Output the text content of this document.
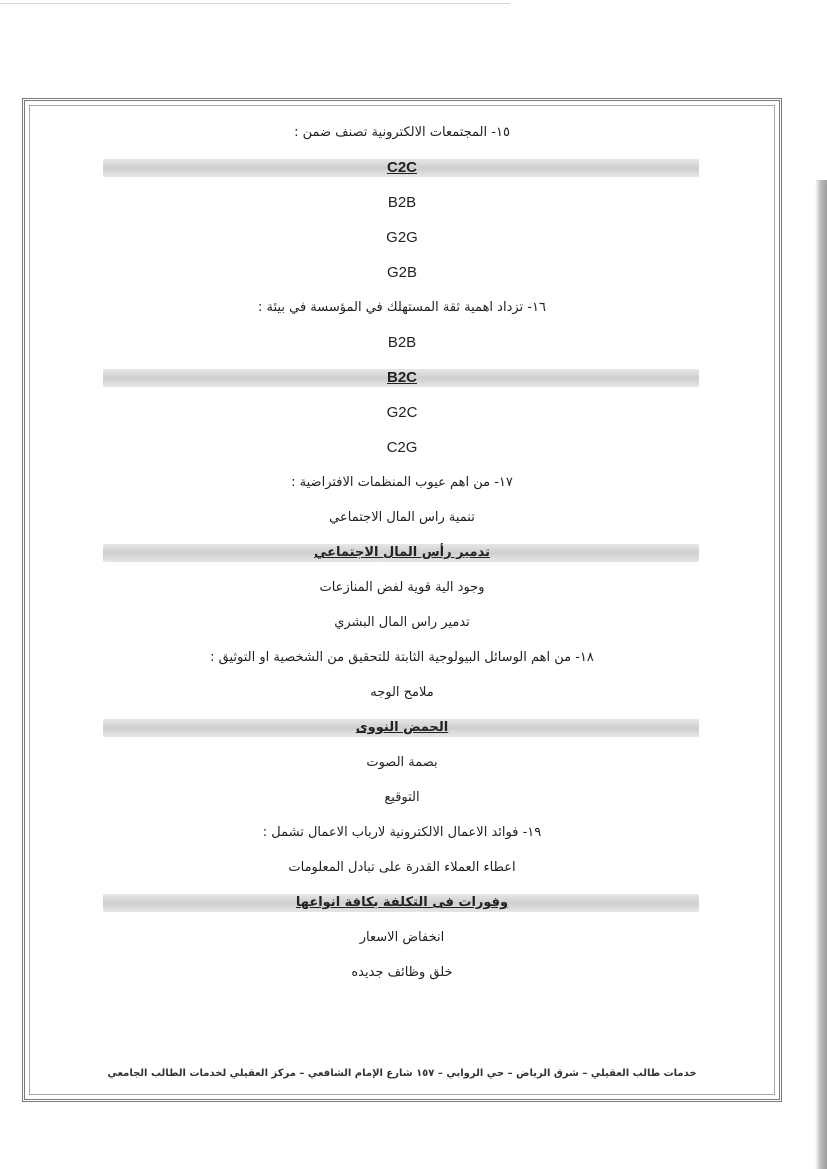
١٥- المجتمعات الالكترونية تصنف ضمن :
C2C
B2B
G2G
G2B
١٦- تزداد اهمية ثقة المستهلك في المؤسسة في بيئة :
B2B
B2C
G2C
C2G
١٧- من اهم عيوب المنظمات الافتراضية :
تنمية راس المال الاجتماعي
تدمير رأس المال الاجتماعي
وجود الية قوية لفض المنازعات
تدمير راس المال البشري
١٨- من اهم الوسائل البيولوجية الثابتة للتحقيق من الشخصية او التوثيق :
ملامح الوجه
الحمض النووى
بصمة الصوت
التوقيع
١٩- فوائد الاعمال الالكترونية لارباب الاعمال تشمل :
اعطاء العملاء القدرة على تبادل المعلومات
وفورات فى التكلفة بكافة انواعها
انخفاض الاسعار
خلق وظائف جديده
خدمات طالب العقيلي – شرق الرياض – حي الروابي – ١٥٧ شارع الإمام الشافعي – مركز العقيلي لخدمات الطالب الجامعي
